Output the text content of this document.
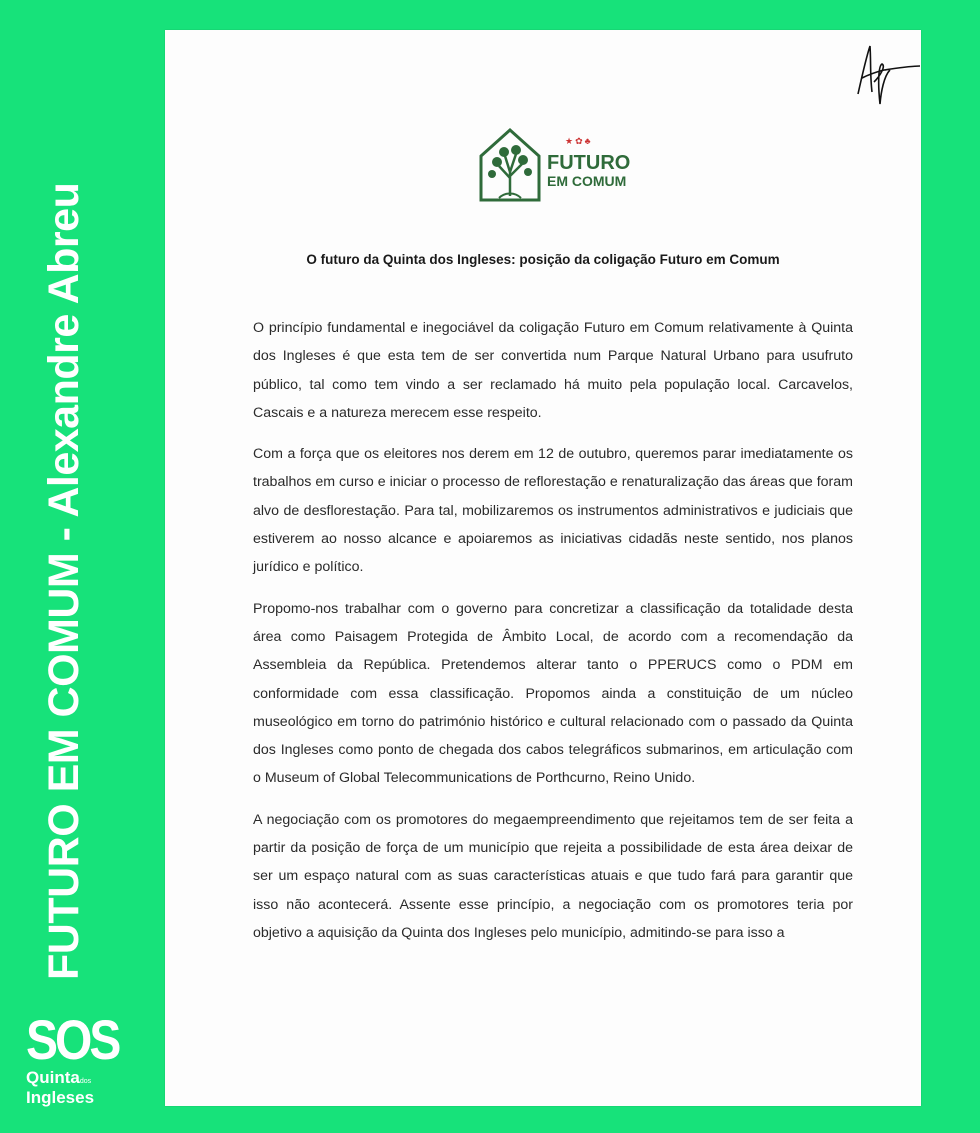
FUTURO EM COMUM - Alexandre Abreu
SOS
Quintados
Ingleses
★✿♣
FUTURO
EM COMUM
O futuro da Quinta dos Ingleses: posição da coligação Futuro em Comum

O princípio fundamental e inegociável da coligação Futuro em Comum relativamente à Quinta dos Ingleses é que esta tem de ser convertida num Parque Natural Urbano para usufruto público, tal como tem vindo a ser reclamado há muito pela população local. Carcavelos, Cascais e a natureza merecem esse respeito.

Com a força que os eleitores nos derem em 12 de outubro, queremos parar imediatamente os trabalhos em curso e iniciar o processo de reflorestação e renaturalização das áreas que foram alvo de desflorestação. Para tal, mobilizaremos os instrumentos administrativos e judiciais que estiverem ao nosso alcance e apoiaremos as iniciativas cidadãs neste sentido, nos planos jurídico e político.

Propomo-nos trabalhar com o governo para concretizar a classificação da totalidade desta área como Paisagem Protegida de Âmbito Local, de acordo com a recomendação da Assembleia da República. Pretendemos alterar tanto o PPERUCS como o PDM em conformidade com essa classificação. Propomos ainda a constituição de um núcleo museológico em torno do património histórico e cultural relacionado com o passado da Quinta dos Ingleses como ponto de chegada dos cabos telegráficos submarinos, em articulação com o Museum of Global Telecommunications de Porthcurno, Reino Unido.

A negociação com os promotores do megaempreendimento que rejeitamos tem de ser feita a partir da posição de força de um município que rejeita a possibilidade de esta área deixar de ser um espaço natural com as suas características atuais e que tudo fará para garantir que isso não acontecerá. Assente esse princípio, a negociação com os promotores teria por objetivo a aquisição da Quinta dos Ingleses pelo município, admitindo-se para isso a
